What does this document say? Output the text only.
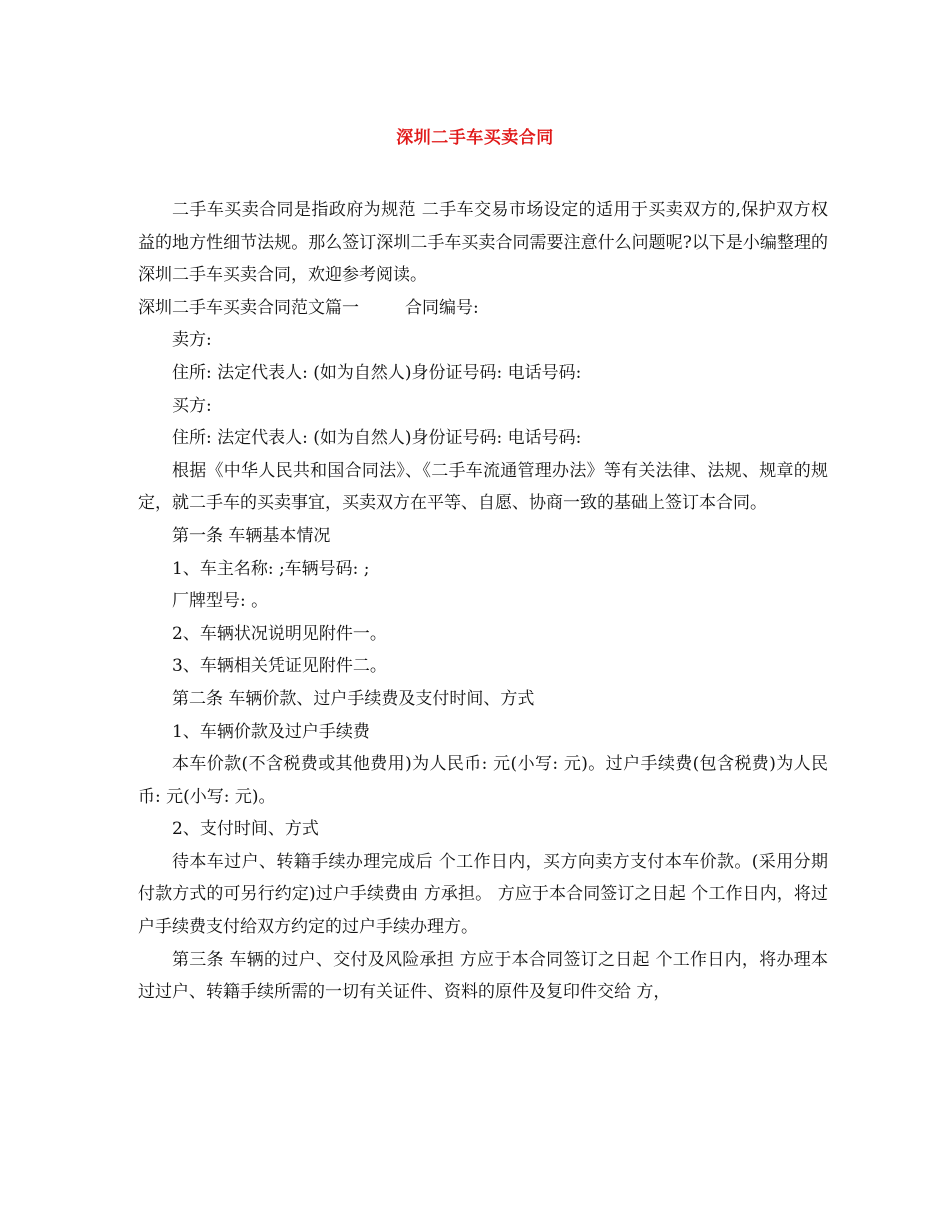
深圳二手车买卖合同

二手车买卖合同是指政府为规范 二手车交易市场设定的适用于买卖双方的,保护双方权益的地方性细节法规。那么签订深圳二手车买卖合同需要注意什么问题呢?以下是小编整理的深圳二手车买卖合同，欢迎参考阅读。

深圳二手车买卖合同范文篇一	合同编号:

卖方:

住所: 法定代表人: (如为自然人)身份证号码: 电话号码:

买方:

住所: 法定代表人: (如为自然人)身份证号码: 电话号码:

根据《中华人民共和国合同法》、《二手车流通管理办法》等有关法律、法规、规章的规定，就二手车的买卖事宜，买卖双方在平等、自愿、协商一致的基础上签订本合同。

第一条 车辆基本情况

1、车主名称: ;车辆号码: ;

厂牌型号: 。

2、车辆状况说明见附件一。

3、车辆相关凭证见附件二。

第二条 车辆价款、过户手续费及支付时间、方式

1、车辆价款及过户手续费

本车价款(不含税费或其他费用)为人民币: 元(小写: 元)。过户手续费(包含税费)为人民币: 元(小写: 元)。

2、支付时间、方式

待本车过户、转籍手续办理完成后 个工作日内，买方向卖方支付本车价款。(采用分期付款方式的可另行约定)过户手续费由 方承担。 方应于本合同签订之日起 个工作日内，将过户手续费支付给双方约定的过户手续办理方。

第三条 车辆的过户、交付及风险承担 方应于本合同签订之日起 个工作日内，将办理本过过户、转籍手续所需的一切有关证件、资料的原件及复印件交给 方，
